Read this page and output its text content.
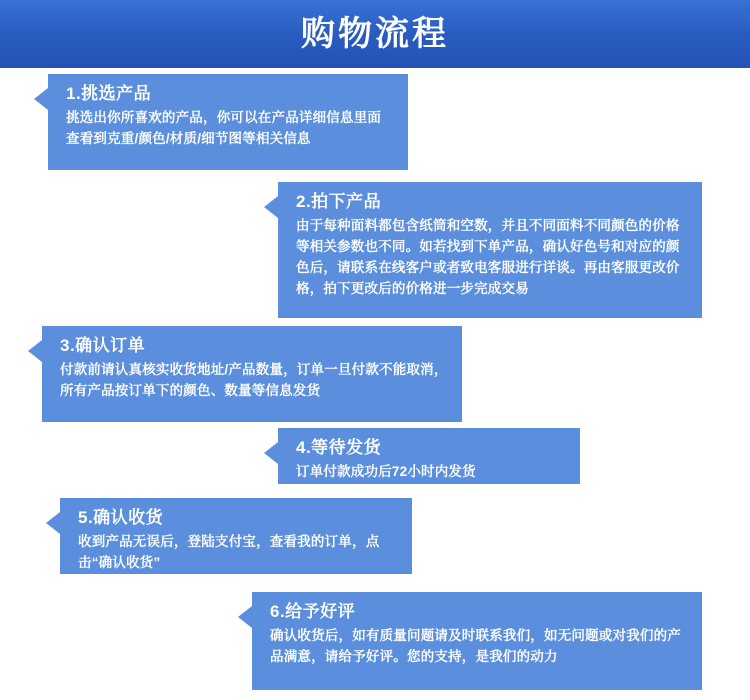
购物流程
1.挑选产品
挑选出你所喜欢的产品，你可以在产品详细信息里面查看到克重/颜色/材质/细节图等相关信息
2.拍下产品
由于每种面料都包含纸筒和空数，并且不同面料不同颜色的价格等相关参数也不同。如若找到下单产品，确认好色号和对应的颜色后，请联系在线客户或者致电客服进行详谈。再由客服更改价格，拍下更改后的价格进一步完成交易
3.确认订单
付款前请认真核实收货地址/产品数量，订单一旦付款不能取消，所有产品按订单下的颜色、数量等信息发货
4.等待发货
订单付款成功后72小时内发货
5.确认收货
收到产品无误后，登陆支付宝，查看我的订单，点击“确认收货”
6.给予好评
确认收货后，如有质量问题请及时联系我们，如无问题或对我们的产品满意，请给予好评。您的支持，是我们的动力
